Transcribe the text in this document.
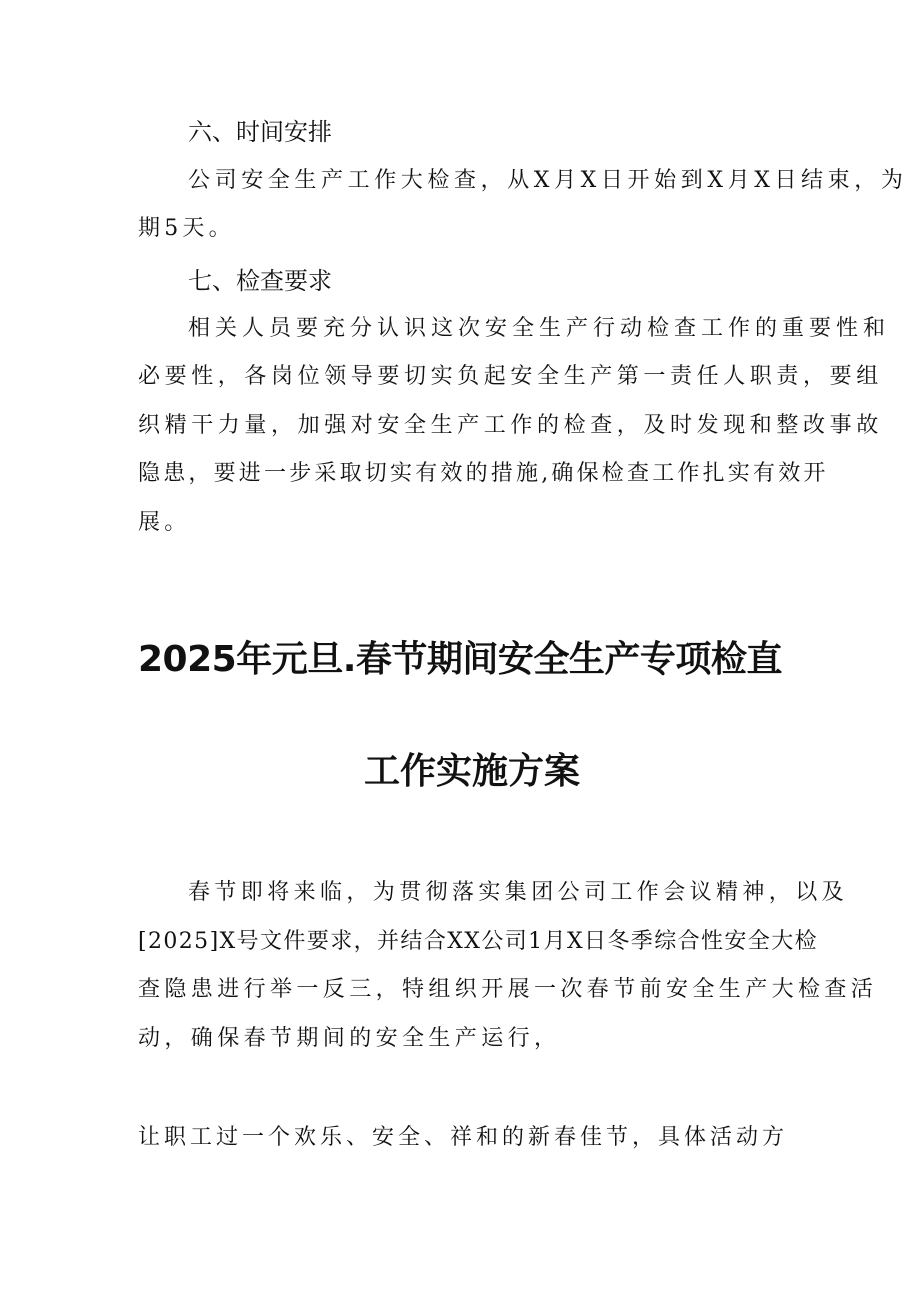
六、时间安排
公司安全生产工作大检查，从X月X日开始到X月X日结束，为
期5天。
七、检查要求
相关人员要充分认识这次安全生产行动检查工作的重要性和
必要性，各岗位领导要切实负起安全生产第一责任人职责，要组
织精干力量，加强对安全生产工作的检查，及时发现和整改事故
隐患，要进一步采取切实有效的措施,确保检查工作扎实有效开
展。
2025年元旦.春节期间安全生产专项检直
工作实施方案
春节即将来临，为贯彻落实集团公司工作会议精神，以及
[2025]X号文件要求，并结合XX公司1月X日冬季综合性安全大检
查隐患进行举一反三，特组织开展一次春节前安全生产大检查活
动，确保春节期间的安全生产运行，
让职工过一个欢乐、安全、祥和的新春佳节，具体活动方
